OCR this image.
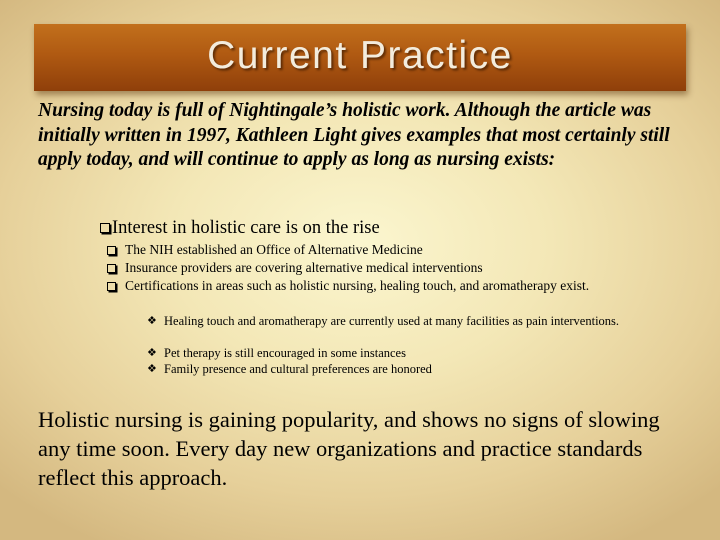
Current Practice
Nursing today is full of Nightingale’s holistic work. Although the article was initially written in 1997, Kathleen Light gives examples that most certainly still apply today, and will continue to apply as long as nursing exists:
Interest in holistic care is on the rise
The NIH established an Office of Alternative Medicine
Insurance providers are covering alternative medical interventions
Certifications in areas such as holistic nursing, healing touch, and aromatherapy exist.
❖ Healing touch and aromatherapy are currently used at many facilities as pain interventions.
❖ Pet therapy is still encouraged in some instances
❖ Family presence and cultural preferences are honored
Holistic nursing is gaining popularity, and shows no signs of slowing any time soon. Every day new organizations and practice standards reflect this approach.
